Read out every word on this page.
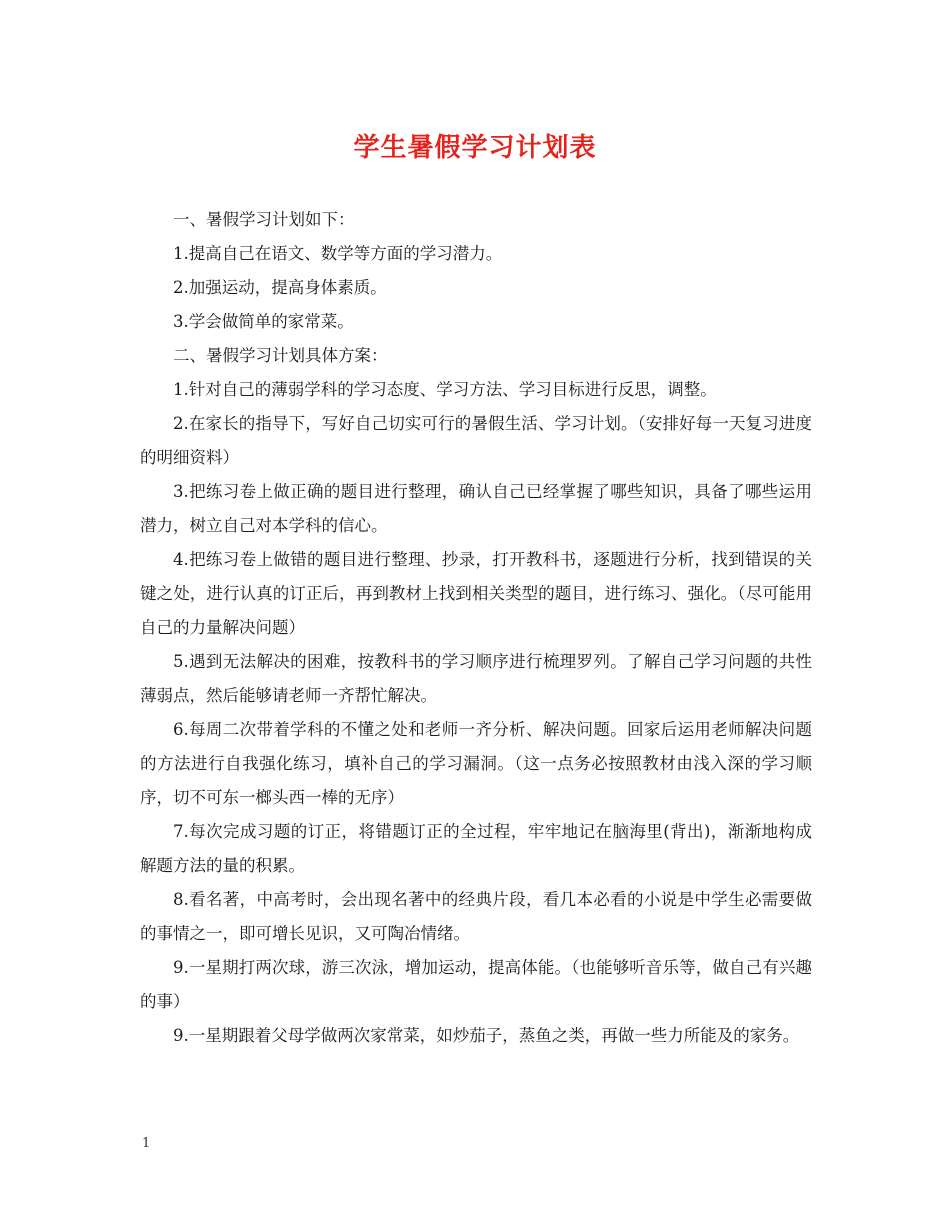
学生暑假学习计划表

一、暑假学习计划如下：

1.提高自己在语文、数学等方面的学习潜力。

2.加强运动，提高身体素质。

3.学会做简单的家常菜。

二、暑假学习计划具体方案：

1.针对自己的薄弱学科的学习态度、学习方法、学习目标进行反思，调整。

2.在家长的指导下，写好自己切实可行的暑假生活、学习计划。（安排好每一天复习进度的明细资料）

3.把练习卷上做正确的题目进行整理，确认自己已经掌握了哪些知识，具备了哪些运用潜力，树立自己对本学科的信心。

4.把练习卷上做错的题目进行整理、抄录，打开教科书，逐题进行分析，找到错误的关键之处，进行认真的订正后，再到教材上找到相关类型的题目，进行练习、强化。（尽可能用自己的力量解决问题）

5.遇到无法解决的困难，按教科书的学习顺序进行梳理罗列。了解自己学习问题的共性薄弱点，然后能够请老师一齐帮忙解决。

6.每周二次带着学科的不懂之处和老师一齐分析、解决问题。回家后运用老师解决问题的方法进行自我强化练习，填补自己的学习漏洞。（这一点务必按照教材由浅入深的学习顺序，切不可东一榔头西一棒的无序）

7.每次完成习题的订正，将错题订正的全过程，牢牢地记在脑海里(背出)，渐渐地构成解题方法的量的积累。

8.看名著，中高考时，会出现名著中的经典片段，看几本必看的小说是中学生必需要做的事情之一，即可增长见识，又可陶冶情绪。

9.一星期打两次球，游三次泳，增加运动，提高体能。（也能够听音乐等，做自己有兴趣的事）

9.一星期跟着父母学做两次家常菜，如炒茄子，蒸鱼之类，再做一些力所能及的家务。

1
